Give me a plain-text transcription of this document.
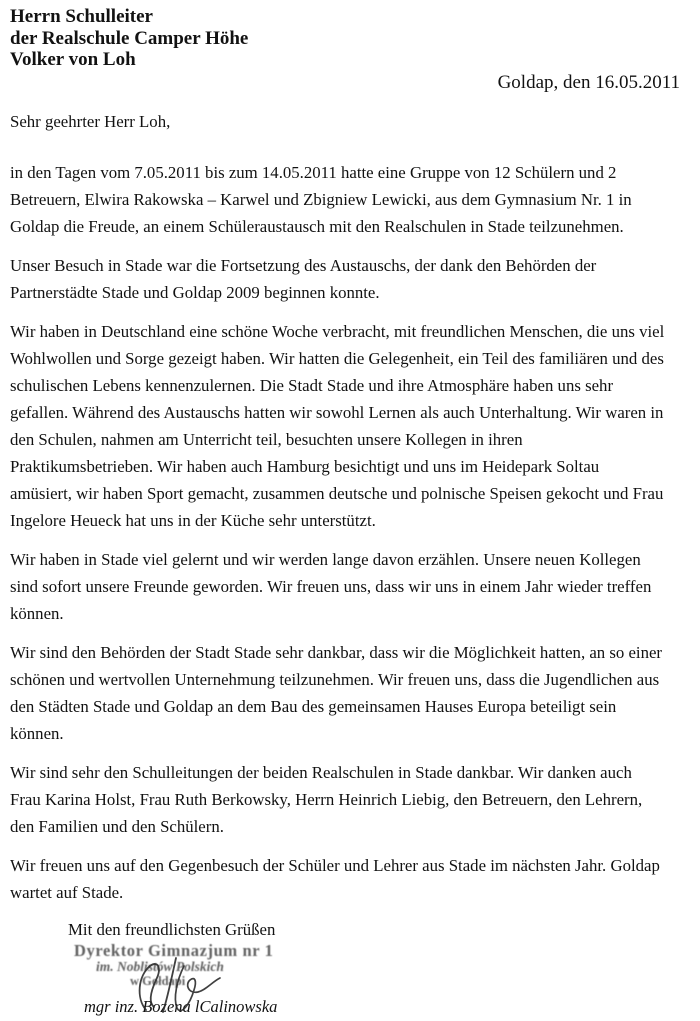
Herrn Schulleiter
der Realschule Camper Höhe
Volker von Loh
Goldap, den 16.05.2011
Sehr geehrter Herr Loh,

in den Tagen vom 7.05.2011 bis zum 14.05.2011 hatte eine Gruppe von 12 Schülern und 2 Betreuern, Elwira Rakowska – Karwel und Zbigniew Lewicki, aus dem Gymnasium Nr. 1 in Goldap die Freude, an einem Schüleraustausch mit den Realschulen in Stade teilzunehmen.

Unser Besuch in Stade war die Fortsetzung des Austauschs, der dank den Behörden der Partnerstädte Stade und Goldap 2009 beginnen konnte.

Wir haben in Deutschland eine schöne Woche verbracht, mit freundlichen Menschen, die uns viel Wohlwollen und Sorge gezeigt haben. Wir hatten die Gelegenheit, ein Teil des familiären und des schulischen Lebens kennenzulernen. Die Stadt Stade und ihre Atmosphäre haben uns sehr gefallen. Während des Austauschs hatten wir sowohl Lernen als auch Unterhaltung. Wir waren in den Schulen, nahmen am Unterricht teil, besuchten unsere Kollegen in ihren Praktikumsbetrieben. Wir haben auch Hamburg besichtigt und uns im Heidepark Soltau amüsiert, wir haben Sport gemacht, zusammen deutsche und polnische Speisen gekocht und Frau Ingelore Heueck hat uns in der Küche sehr unterstützt.

Wir haben in Stade viel gelernt und wir werden lange davon erzählen. Unsere neuen Kollegen sind sofort unsere Freunde geworden. Wir freuen uns, dass wir uns in einem Jahr wieder treffen können.

Wir sind den Behörden der Stadt Stade sehr dankbar, dass wir die Möglichkeit hatten, an so einer schönen und wertvollen Unternehmung teilzunehmen. Wir freuen uns, dass die Jugendlichen aus den Städten Stade und Goldap an dem Bau des gemeinsamen Hauses Europa beteiligt sein können.

Wir sind sehr den Schulleitungen der beiden Realschulen in Stade dankbar. Wir danken auch Frau Karina Holst, Frau Ruth Berkowsky, Herrn Heinrich Liebig, den Betreuern, den Lehrern, den Familien und den Schülern.

Wir freuen uns auf den Gegenbesuch der Schüler und Lehrer aus Stade im nächsten Jahr. Goldap wartet auf Stade.

Mit den freundlichsten Grüßen
Dyrektor Gimnazjum nr 1
im. Noblistów Polskich
w Gołdapi
mgr inz. Bozena lCalinowska
